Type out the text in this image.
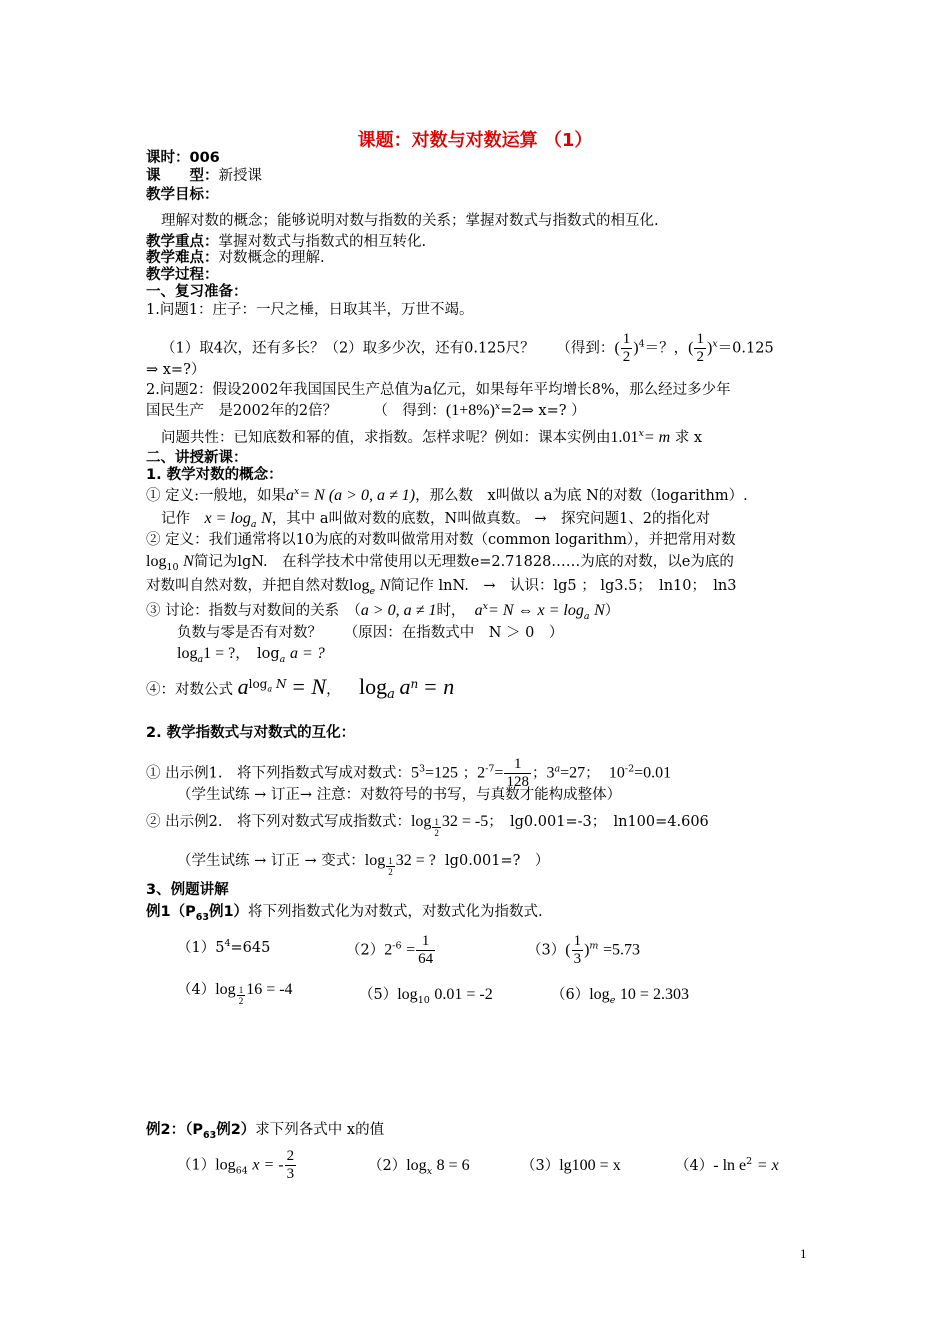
课题：对数与对数运算 （1）
课时：006
课　　型：新授课
教学目标：
理解对数的概念；能够说明对数与指数的关系；掌握对数式与指数式的相互化.
教学重点：掌握对数式与指数式的相互转化.
教学难点：对数概念的理解.
教学过程：
一、复习准备：
1.问题1：庄子：一尺之棰，日取其半，万世不竭。
（1）取4次，还有多长？（2）取多少次，还有0.125尺？　　（得到：( $\frac{1}{2} )^4=$？，( $\frac{1}{2} )^x=0.125$
⇒ x=?）
2.问题2：假设2002年我国国民生产总值为a亿元，如果每年平均增长8%，那么经过多少年
国民生产　是2002年的2倍？　　　（　得到：$(1+8\%)^x=2\Rightarrow$ x=? ）
问题共性：已知底数和幂的值，求指数。怎样求呢？例如：课本实例由$1.01^x= m$ 求 x
二、讲授新课：
1. 教学对数的概念：
① 定义:一般地，如果$a^x= N$ (a > 0, a ≠ 1)，那么数　x叫做以 a为底 N的对数（logarithm）.
记作　$x = \log_a N$，其中 a叫做对数的底数，N叫做真数。 →　探究问题1、2的指化对
② 定义：我们通常将以10为底的对数叫做常用对数（common logarithm），并把常用对数
$\log_{10} N$简记为lgN.　在科学技术中常使用以无理数e=2.71828……为底的对数，以e为底的
对数叫自然对数，并把自然对数$\log_e N$简记作 lnN.　→　认识：lg5 ； lg3.5；　ln10；　ln3
③ 讨论：指数与对数间的关系　（a > 0, a ≠ 1时， $a^x= N$ ⇔ $x = \log_a N$）
负数与零是否有对数？　　（原因：在指数式中　N ＞ 0　）
$\log_a1$ = ?，　$\log_a a$ = ?
④：对数公式 $a^{log_a N} = N$， $\log_a a^n = n$
2. 教学指数式与对数式的互化：
① 出示例1.　将下列指数式写成对数式：$5^3=125$ ；$2^{-7}= \frac{1}{128}$ ；$3^a=27$； $10^{-2}=0.01$
（学生试练 → 订正→ 注意：对数符号的书写，与真数才能构成整体）
② 出示例2.　将下列对数式写成指数式：$\log \frac{1}{2} 32 = -5$；　lg0.001=-3；　ln100=4.606
（学生试练 → 订正 → 变式：$\log \frac{1}{2} 32$ = ? lg0.001=?　）
3、例题讲解
例$1(P_{63}$例1）将下列指数式化为对数式，对数式化为指数式.
$(1)5^4=645$	$(2)2^{-6} = \frac{1}{64}$	$(3)( \frac{1}{3} )^m =5.73$
$(4)\log \frac{1}{2} 16 = -4$	$(5)\log_{10}$ 0.01 = -2	$(6)\log_e$ 10 = 2.303
例2：（$P_{63}$例2）求下列各式中 x的值
$(1)\log_{64}$ x = - $\frac{2}{3}$	$(2)\log_x$ 8 = 6	（3）lg100 = x	（4）- $\ln e^2 = x$
1
